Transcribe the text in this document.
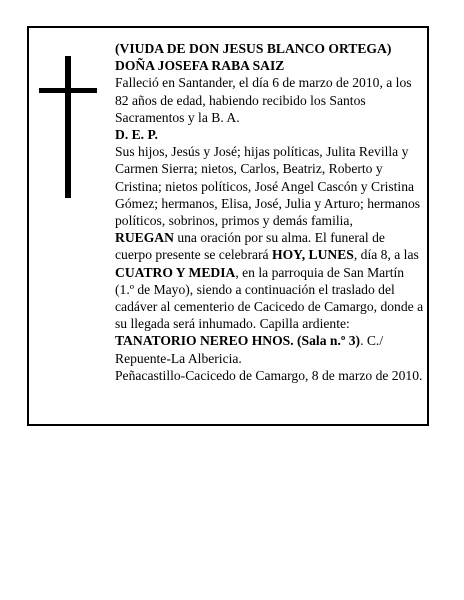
(VIUDA DE DON JESUS BLANCO ORTEGA)

DOÑA JOSEFA RABA SAIZ

Falleció en Santander, el día 6 de marzo de 2010, a los 82 años de edad, habiendo recibido los Santos Sacramentos y la B. A.

D. E. P.

Sus hijos, Jesús y José; hijas políticas, Julita Revilla y Carmen Sierra; nietos, Carlos, Beatriz, Roberto y Cristina; nietos políticos, José Angel Cascón y Cristina Gómez; hermanos, Elisa, José, Julia y Arturo; hermanos políticos, sobrinos, primos y demás familia,

RUEGAN una oración por su alma. El funeral de cuerpo presente se celebrará HOY, LUNES, día 8, a las CUATRO Y MEDIA, en la parroquia de San Martín (1.º de Mayo), siendo a continuación el traslado del cadáver al cementerio de Cacicedo de Camargo, donde a su llegada será inhumado. Capilla ardiente: TANATORIO NEREO HNOS. (Sala n.º 3). C./ Repuente-La Albericia.

Peñacastillo-Cacicedo de Camargo, 8 de marzo de 2010.
